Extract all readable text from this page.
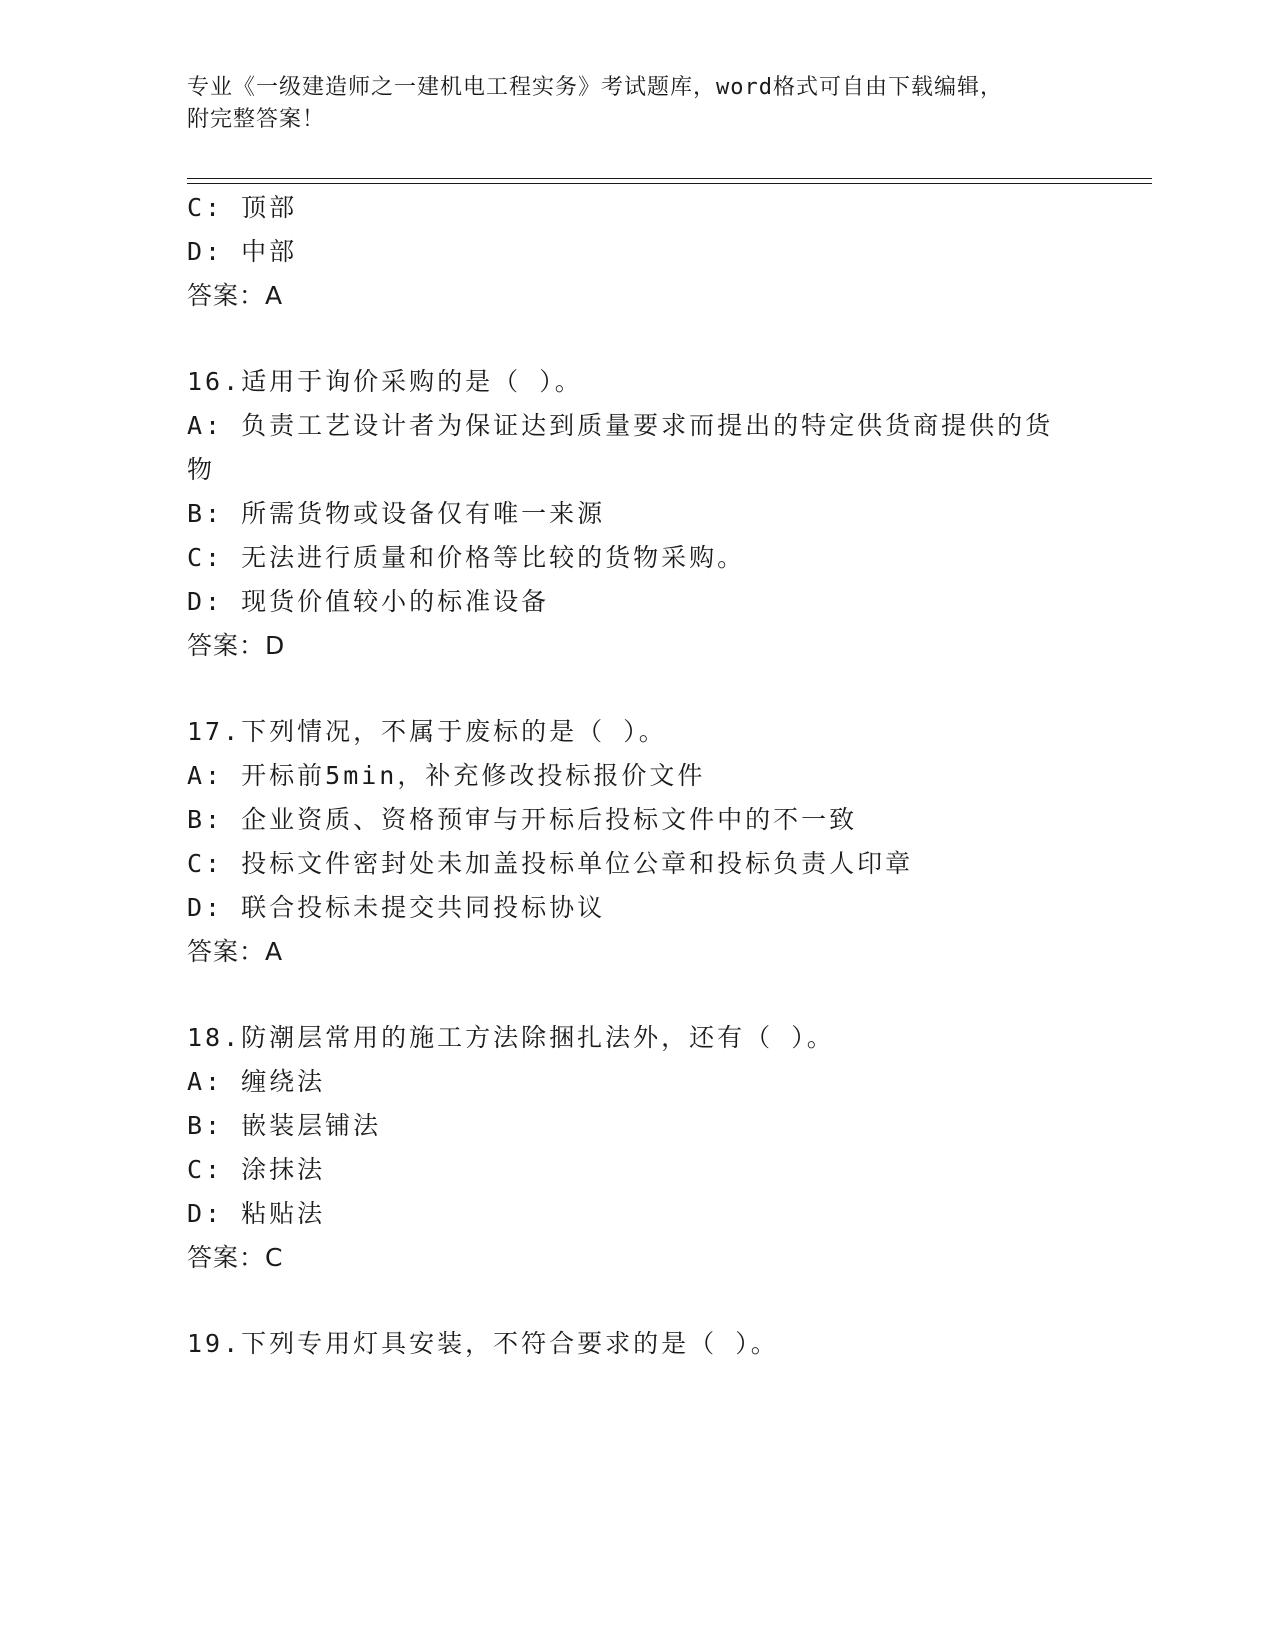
专业《一级建造师之一建机电工程实务》考试题库，word格式可自由下载编辑，
附完整答案！
C: 顶部
D: 中部
答案：A
16.适用于询价采购的是（ ）。
A: 负责工艺设计者为保证达到质量要求而提出的特定供货商提供的货
物
B: 所需货物或设备仅有唯一来源
C: 无法进行质量和价格等比较的货物采购。
D: 现货价值较小的标准设备
答案：D
17.下列情况，不属于废标的是（ ）。
A: 开标前5min，补充修改投标报价文件
B: 企业资质、资格预审与开标后投标文件中的不一致
C: 投标文件密封处未加盖投标单位公章和投标负责人印章
D: 联合投标未提交共同投标协议
答案：A
18.防潮层常用的施工方法除捆扎法外，还有（ ）。
A: 缠绕法
B: 嵌装层铺法
C: 涂抹法
D: 粘贴法
答案：C
19.下列专用灯具安装，不符合要求的是（ ）。
